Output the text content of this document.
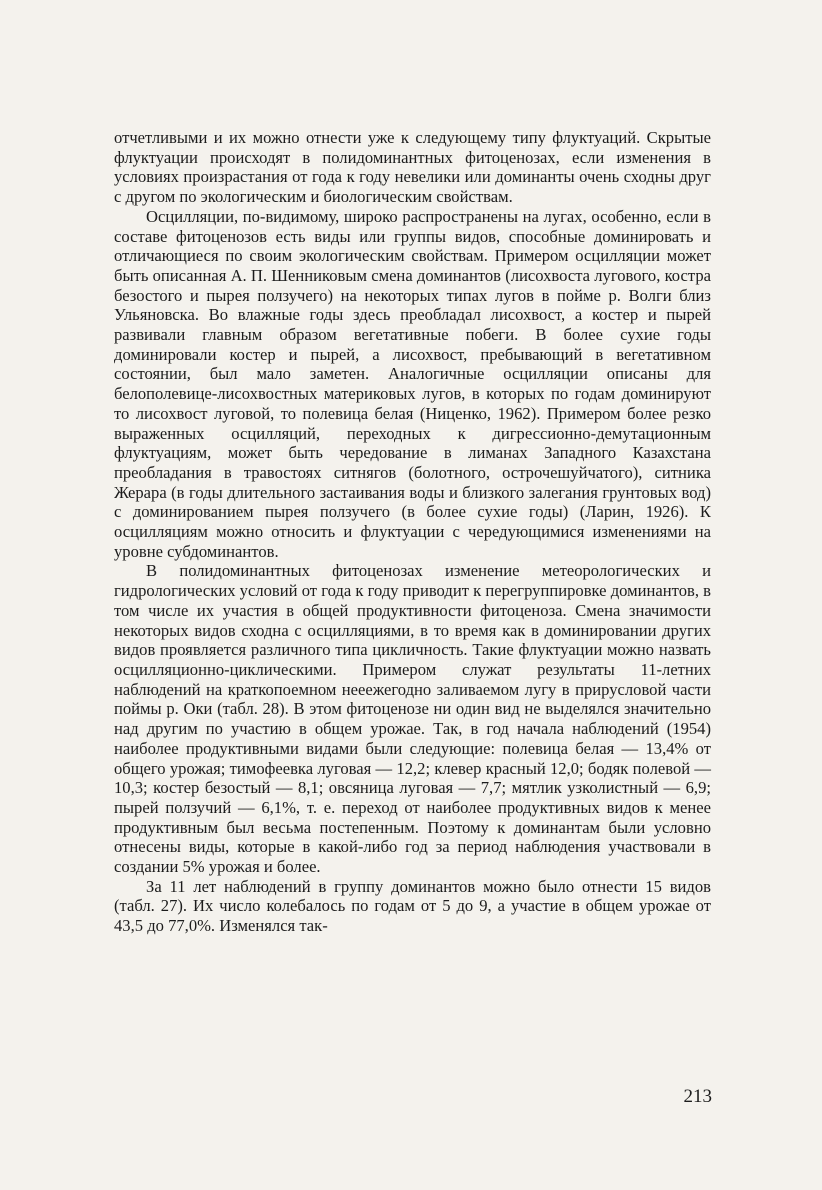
отчетливыми и их можно отнести уже к следующему типу флуктуаций. Скрытые флуктуации происходят в полидоминантных фитоценозах, если изменения в условиях произрастания от года к году невелики или доминанты очень сходны друг с другом по экологическим и биологическим свойствам.

Осцилляции, по-видимому, широко распространены на лугах, особенно, если в составе фитоценозов есть виды или группы видов, способные доминировать и отличающиеся по своим экологическим свойствам. Примером осцилляции может быть описанная А. П. Шенниковым смена доминантов (лисохвоста лугового, костра безостого и пырея ползучего) на некоторых типах лугов в пойме р. Волги близ Ульяновска. Во влажные годы здесь преобладал лисохвост, а костер и пырей развивали главным образом вегетативные побеги. В более сухие годы доминировали костер и пырей, а лисохвост, пребывающий в вегетативном состоянии, был мало заметен. Аналогичные осцилляции описаны для белополевице-лисохвостных материковых лугов, в которых по годам доминируют то лисохвост луговой, то полевица белая (Ниценко, 1962). Примером более резко выраженных осцилляций, переходных к дигрессионно-демутационным флуктуациям, может быть чередование в лиманах Западного Казахстана преобладания в травостоях ситнягов (болотного, острочешуйчатого), ситника Жерара (в годы длительного застаивания воды и близкого залегания грунтовых вод) с доминированием пырея ползучего (в более сухие годы) (Ларин, 1926). К осцилляциям можно относить и флуктуации с чередующимися изменениями на уровне субдоминантов.

В полидоминантных фитоценозах изменение метеорологических и гидрологических условий от года к году приводит к перегруппировке доминантов, в том числе их участия в общей продуктивности фитоценоза. Смена значимости некоторых видов сходна с осцилляциями, в то время как в доминировании других видов проявляется различного типа цикличность. Такие флуктуации можно назвать осцилляционно-циклическими. Примером служат результаты 11-летних наблюдений на краткопоемном нееежегодно заливаемом лугу в прирусловой части поймы р. Оки (табл. 28). В этом фитоценозе ни один вид не выделялся значительно над другим по участию в общем урожае. Так, в год начала наблюдений (1954) наиболее продуктивными видами были следующие: полевица белая — 13,4% от общего урожая; тимофеевка луговая — 12,2; клевер красный 12,0; бодяк полевой — 10,3; костер безостый — 8,1; овсяница луговая — 7,7; мятлик узколистный — 6,9; пырей ползучий — 6,1%, т. е. переход от наиболее продуктивных видов к менее продуктивным был весьма постепенным. Поэтому к доминантам были условно отнесены виды, которые в какой-либо год за период наблюдения участвовали в создании 5% урожая и более.

За 11 лет наблюдений в группу доминантов можно было отнести 15 видов (табл. 27). Их число колебалось по годам от 5 до 9, а участие в общем урожае от 43,5 до 77,0%. Изменялся так-

213
